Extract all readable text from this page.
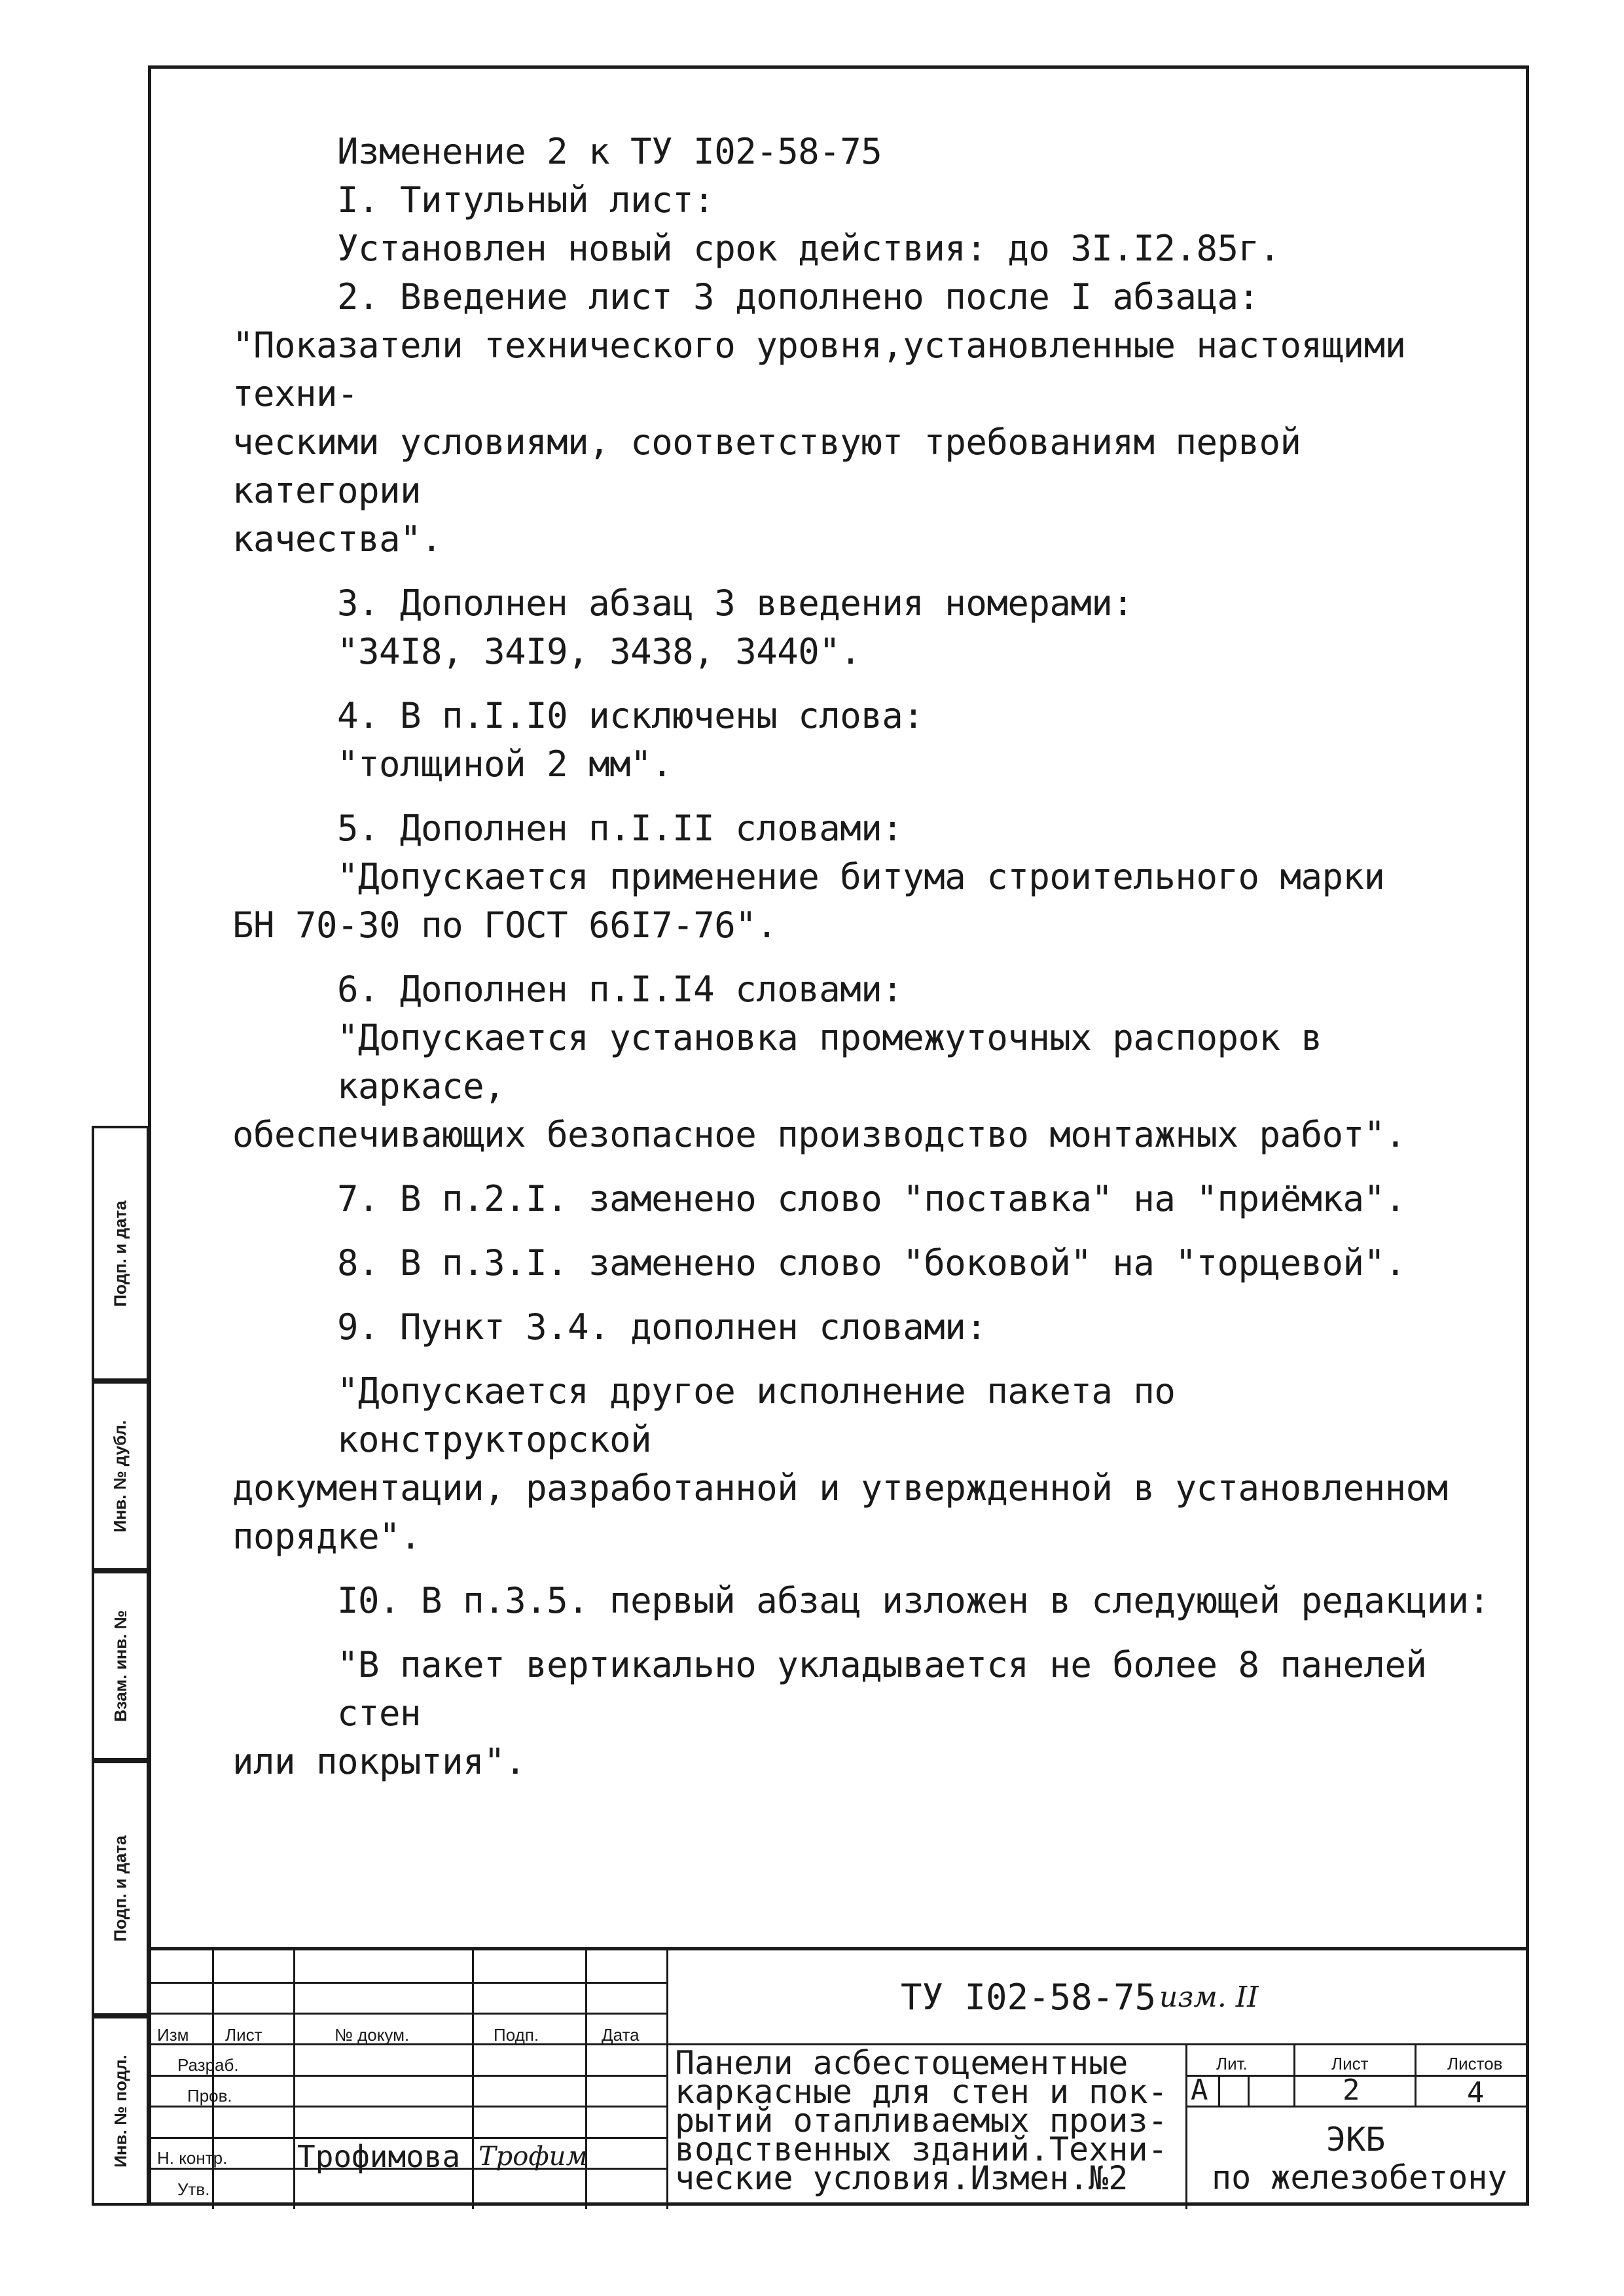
Изменение 2 к ТУ I02-58-75

I. Титульный лист:

Установлен новый срок действия: до 3I.I2.85г.

2. Введение лист 3 дополнено после I абзаца:

"Показатели технического уровня,установленные настоящими техни-

ческими условиями, соответствуют требованиям первой категории

качества".

3. Дополнен абзац 3 введения номерами:

"34I8, 34I9, 3438, 3440".

4. В п.I.I0 исключены слова:

"толщиной 2 мм".

5. Дополнен п.I.II словами:

"Допускается применение битума строительного марки

БН 70-30 по ГОСТ 66I7-76".

6. Дополнен п.I.I4 словами:

"Допускается установка промежуточных распорок в каркасе,

обеспечивающих безопасное производство монтажных работ".

7. В п.2.I. заменено слово "поставка" на "приёмка".

8. В п.3.I. заменено слово "боковой" на "торцевой".

9. Пункт 3.4. дополнен словами:

"Допускается другое исполнение пакета по конструкторской

документации, разработанной и утвержденной в установленном

порядке".

I0. В п.3.5. первый абзац изложен в следующей редакции:

"В пакет вертикально укладывается не более 8 панелей стен

или покрытия".

Подп. и дата
Инв. № дубл.
Взам. инв. №
Подп. и дата
Инв. № подл.
Изм Лист	№ докум.	Подп.	Дата
Разраб.
Пров.
Н. контр.
Утв.
Трофимова Трофим
ТУ I02-58-75 изм. II
Панели асбестоцементные
каркасные для стен и пок-
рытий отапливаемых произ-
водственных зданий.Техни-
ческие условия.Измен.№2
Лит.	Лист	Листов
А	2	4
ЭКБ
по железобетону
